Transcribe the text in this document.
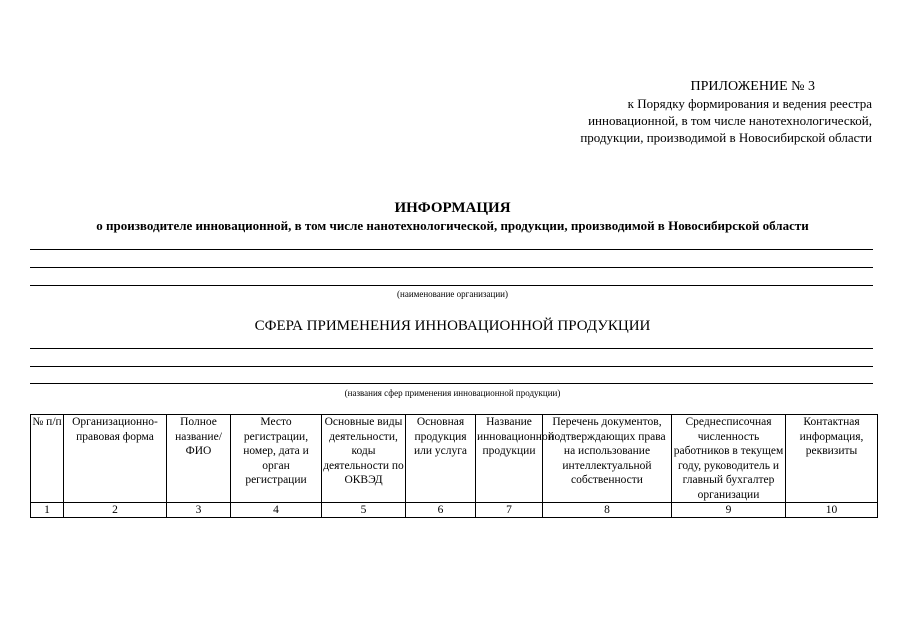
ПРИЛОЖЕНИЕ № 3
к Порядку формирования и ведения реестра
инновационной, в том числе нанотехнологической,
продукции, производимой в Новосибирской области
ИНФОРМАЦИЯ
о производителе инновационной, в том числе нанотехнологической, продукции, производимой в Новосибирской области
(наименование организации)
СФЕРА ПРИМЕНЕНИЯ ИННОВАЦИОННОЙ ПРОДУКЦИИ
(названия сфер применения инновационной продукции)
№ п/п	Организационно-правовая форма	Полное название/ ФИО	Место регистрации, номер, дата и орган регистрации	Основные виды деятельности, коды деятельности по ОКВЭД	Основная продукция или услуга	Название инновационной продукции	Перечень документов, подтверждающих права на использование интеллектуальной собственности	Среднесписочная численность работников в текущем году, руководитель и главный бухгалтер организации	Контактная информация, реквизиты
1	2	3	4	5	6	7	8	9	10
